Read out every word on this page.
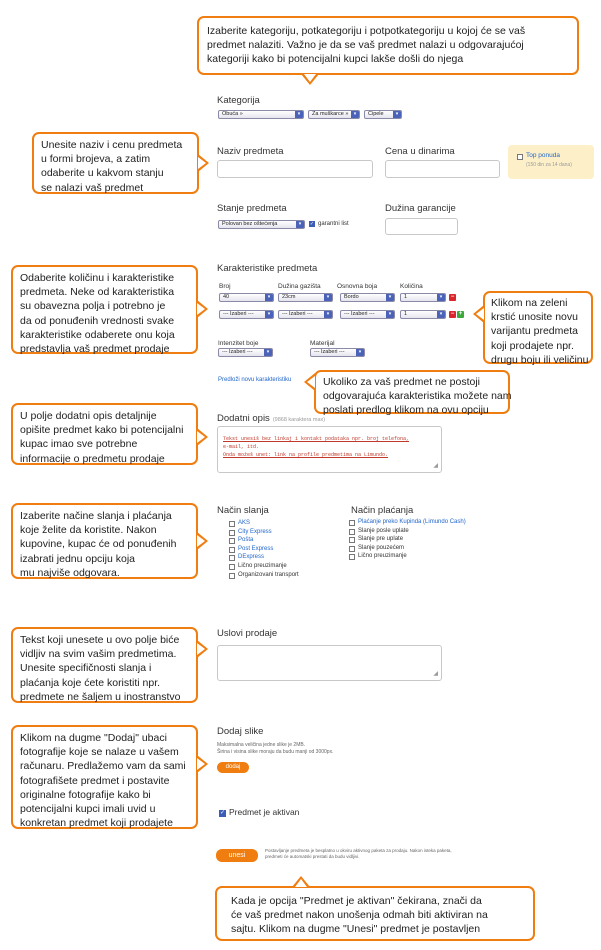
Izaberite kategoriju, potkategoriju i potpotkategoriju u kojoj će se vaš
predmet nalaziti. Važno je da se vaš predmet nalazi u odgovarajućoj
kategoriji kako bi potencijalni kupci lakše došli do njega
Unesite naziv i cenu predmeta
u formi brojeva, a zatim
odaberite u kakvom stanju
se nalazi vaš predmet
Odaberite količinu i karakteristike
predmeta. Neke od karakteristika
su obavezna polja i potrebno je
da od ponuđenih vrednosti svake
karakteristike odaberete onu koja
predstavlja vaš predmet prodaje
Klikom na zeleni
krstić unosite novu
varijantu predmeta
koji prodajete npr.
drugu boju ili veličinu
Ukoliko za vaš predmet ne postoji
odgovarajuća karakteristika možete nam
poslati predlog klikom na ovu opciju
U polje dodatni opis detaljnije
opišite predmet kako bi potencijalni
kupac imao sve potrebne
informacije o predmetu prodaje
Izaberite načine slanja i plaćanja
koje želite da koristite. Nakon
kupovine, kupac će od ponuđenih
izabrati jednu opciju koja
mu najviše odgovara.
Tekst koji unesete u ovo polje biće
vidljiv na svim vašim predmetima.
Unesite specifičnosti slanja i
plaćanja koje ćete koristiti npr.
predmete ne šaljem u inostranstvo
Klikom na dugme "Dodaj" ubaci
fotografije koje se nalaze u vašem
računaru. Predlažemo vam da sami
fotografišete predmet i postavite
originalne fotografije kako bi
potencijalni kupci imali uvid u
konkretan predmet koji prodajete
Kada je opcija "Predmet je aktivan" čekirana, znači da
će vaš predmet nakon unošenja odmah biti aktiviran na
sajtu. Klikom na dugme "Unesi" predmet je postavljen
Kategorija
Obuća »	▾	Za muškarce »	▾	Cipele	▾
Naziv predmeta	Cena u dinarima	Top ponuda
(150 din za 14 dana)
Stanje predmeta
Polovan bez oštećenja	▾	✓ garantni list
Dužina garancije
Karakteristike predmeta
Broj	Dužina gazišta	Osnovna boja	Količina
40	▾	23cm	▾	Bordo	▾	1	▾	−
--- Izaberi ---	▾	--- Izaberi ---	▾	--- Izaberi ---	▾	1	▾	− +
Intenzitet boje
--- Izaberi ---	▾
Materijal
--- Izaberi ---	▾
Predloži novu karakteristiku
Dodatni opis (9868 karaktera max)
Tekst unesiš bez linkaj i kontakt podataka npr. broj telefona,
e-mail, itd.
Onda možeš unet: link na profile predmetima na Limundo.
◢
Način slanja
AKS
City Express
Pošta
Post Express
DExpress
Lično preuzimanje
Organizovani transport
Način plaćanja
Plaćanje preko Kupinda (Limundo Cash)
Slanje posle uplate
Slanje pre uplate
Slanje pouzećem
Lično preuzimanje
Uslovi prodaje
◢
Dodaj slike
Maksimalna veličina jedne slike je 2MB.
Širina i visina slike moraju da budu manji od 3000px.
dodaj
✓ Predmet je aktivan
unesi
Postavljanje predmeta je besplatno u okviru aktivnog paketa za prodaju. Nakon isteka paketa,
predmeti će automatski prestati da budu vidljivi.
